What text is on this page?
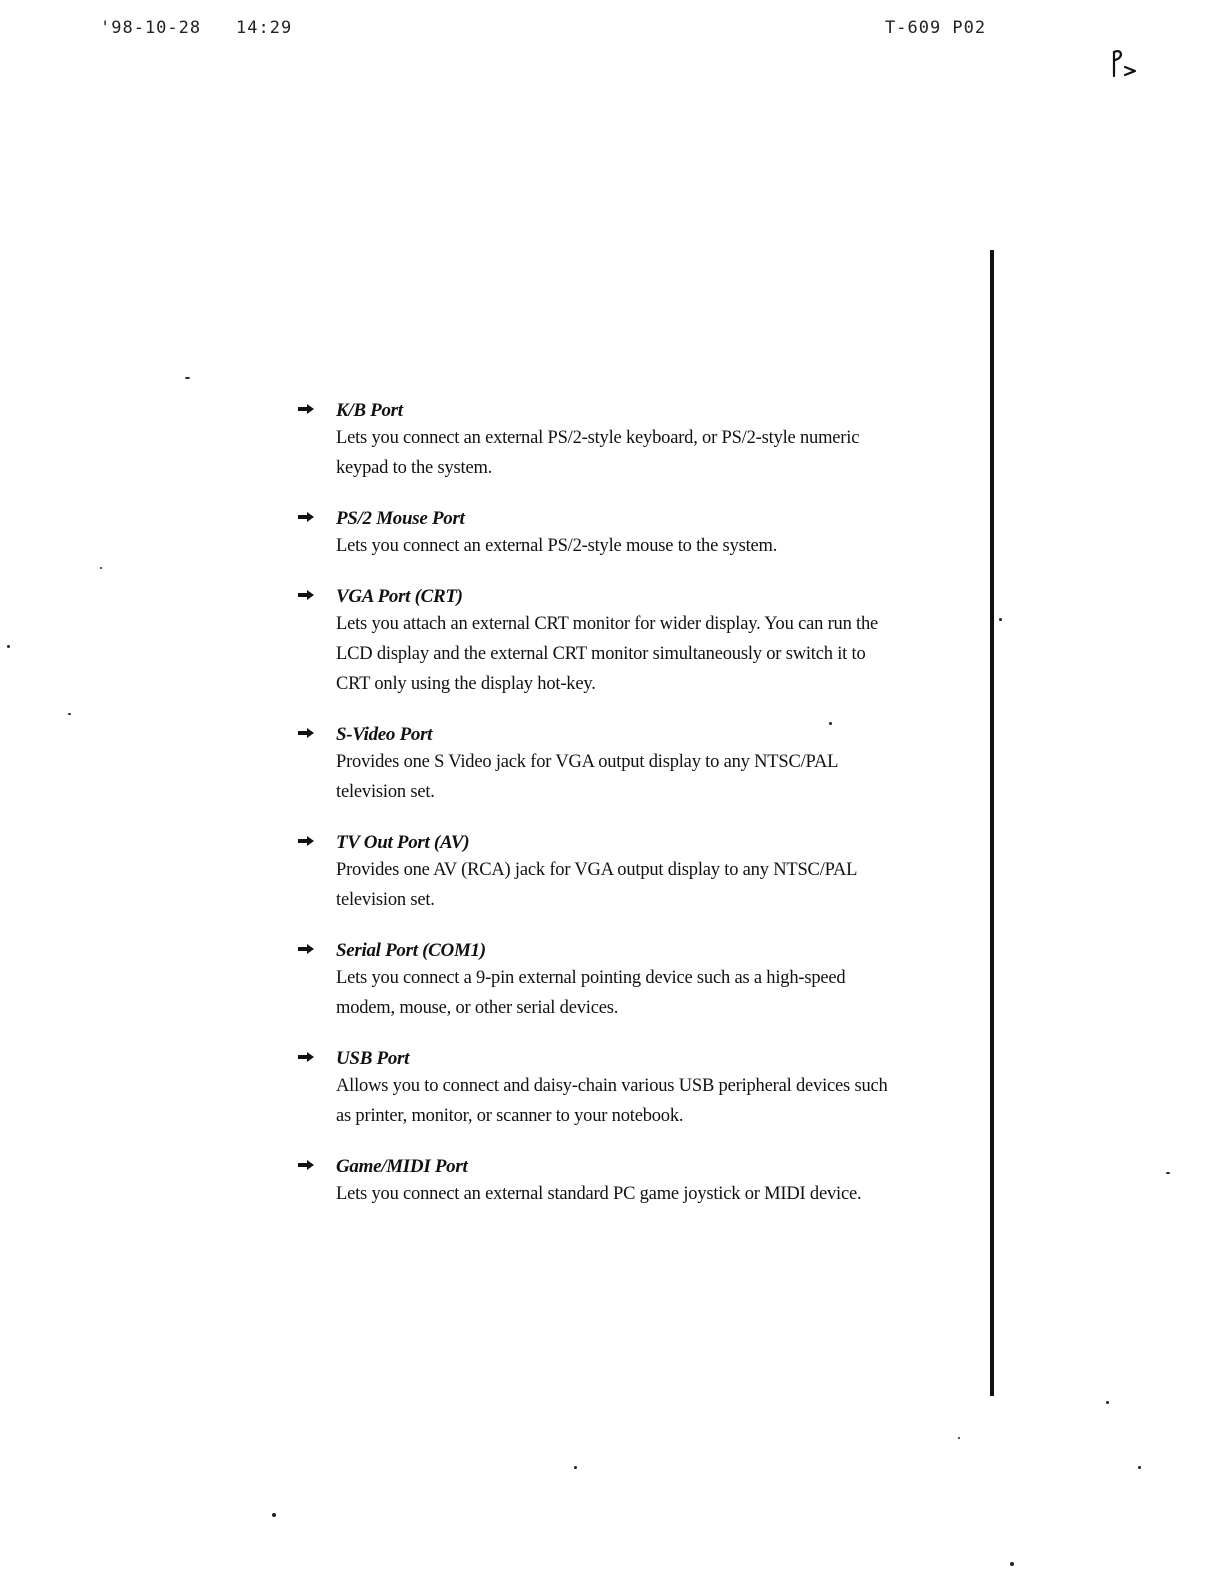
'98-10-28 14:29	T-609 P02
K/B Port
Lets you connect an external PS/2-style keyboard, or PS/2-style numeric keypad to the system.
PS/2 Mouse Port
Lets you connect an external PS/2-style mouse to the system.
VGA Port (CRT)
Lets you attach an external CRT monitor for wider display. You can run the LCD display and the external CRT monitor simultaneously or switch it to CRT only using the display hot-key.
S-Video Port
Provides one S Video jack for VGA output display to any NTSC/PAL television set.
TV Out Port (AV)
Provides one AV (RCA) jack for VGA output display to any NTSC/PAL television set.
Serial Port (COM1)
Lets you connect a 9-pin external pointing device such as a high-speed modem, mouse, or other serial devices.
USB Port
Allows you to connect and daisy-chain various USB peripheral devices such as printer, monitor, or scanner to your notebook.
Game/MIDI Port
Lets you connect an external standard PC game joystick or MIDI device.
